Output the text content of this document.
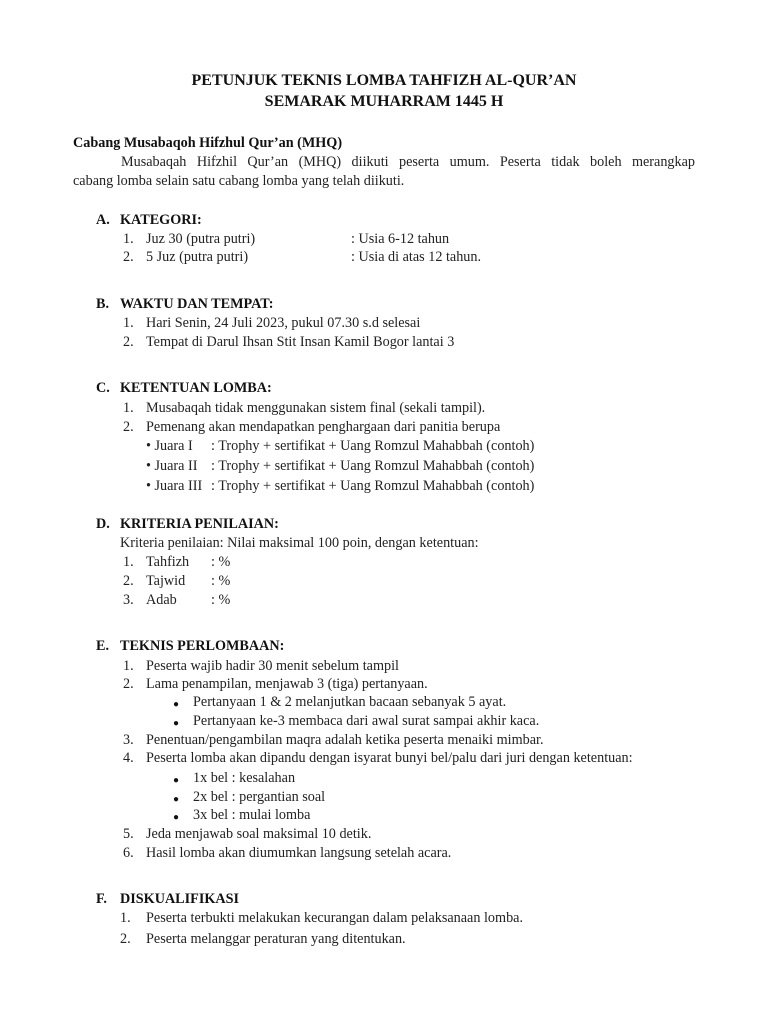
PETUNJUK TEKNIS LOMBA TAHFIZH AL-QUR’AN
SEMARAK MUHARRAM 1445 H
Cabang Musabaqoh Hifzhul Qur’an (MHQ)
Musabaqah Hifzhil Qur’an (MHQ) diikuti peserta umum. Peserta tidak boleh merangkap
cabang lomba selain satu cabang lomba yang telah diikuti.
A. KATEGORI:
1. Juz 30 (putra putri)	: Usia 6-12 tahun
2. 5 Juz (putra putri)	: Usia di atas 12 tahun.
B. WAKTU DAN TEMPAT:
1. Hari Senin, 24 Juli 2023, pukul 07.30 s.d selesai
2. Tempat di Darul Ihsan Stit Insan Kamil Bogor lantai 3
C. KETENTUAN LOMBA:
1. Musabaqah tidak menggunakan sistem final (sekali tampil).
2. Pemenang akan mendapatkan penghargaan dari panitia berupa
• Juara I : Trophy + sertifikat + Uang Romzul Mahabbah (contoh)
• Juara II : Trophy + sertifikat + Uang Romzul Mahabbah (contoh)
• Juara III : Trophy + sertifikat + Uang Romzul Mahabbah (contoh)
D. KRITERIA PENILAIAN:
Kriteria penilaian: Nilai maksimal 100 poin, dengan ketentuan:
1. Tahfizh : %
2. Tajwid : %
3. Adab : %
E. TEKNIS PERLOMBAAN:
1. Peserta wajib hadir 30 menit sebelum tampil
2. Lama penampilan, menjawab 3 (tiga) pertanyaan.
● Pertanyaan 1 & 2 melanjutkan bacaan sebanyak 5 ayat.
● Pertanyaan ke-3 membaca dari awal surat sampai akhir kaca.
3. Penentuan/pengambilan maqra adalah ketika peserta menaiki mimbar.
4. Peserta lomba akan dipandu dengan isyarat bunyi bel/palu dari juri dengan ketentuan:
● 1x bel : kesalahan
● 2x bel : pergantian soal
● 3x bel : mulai lomba
5. Jeda menjawab soal maksimal 10 detik.
6. Hasil lomba akan diumumkan langsung setelah acara.
F. DISKUALIFIKASI
1. Peserta terbukti melakukan kecurangan dalam pelaksanaan lomba.
2. Peserta melanggar peraturan yang ditentukan.
